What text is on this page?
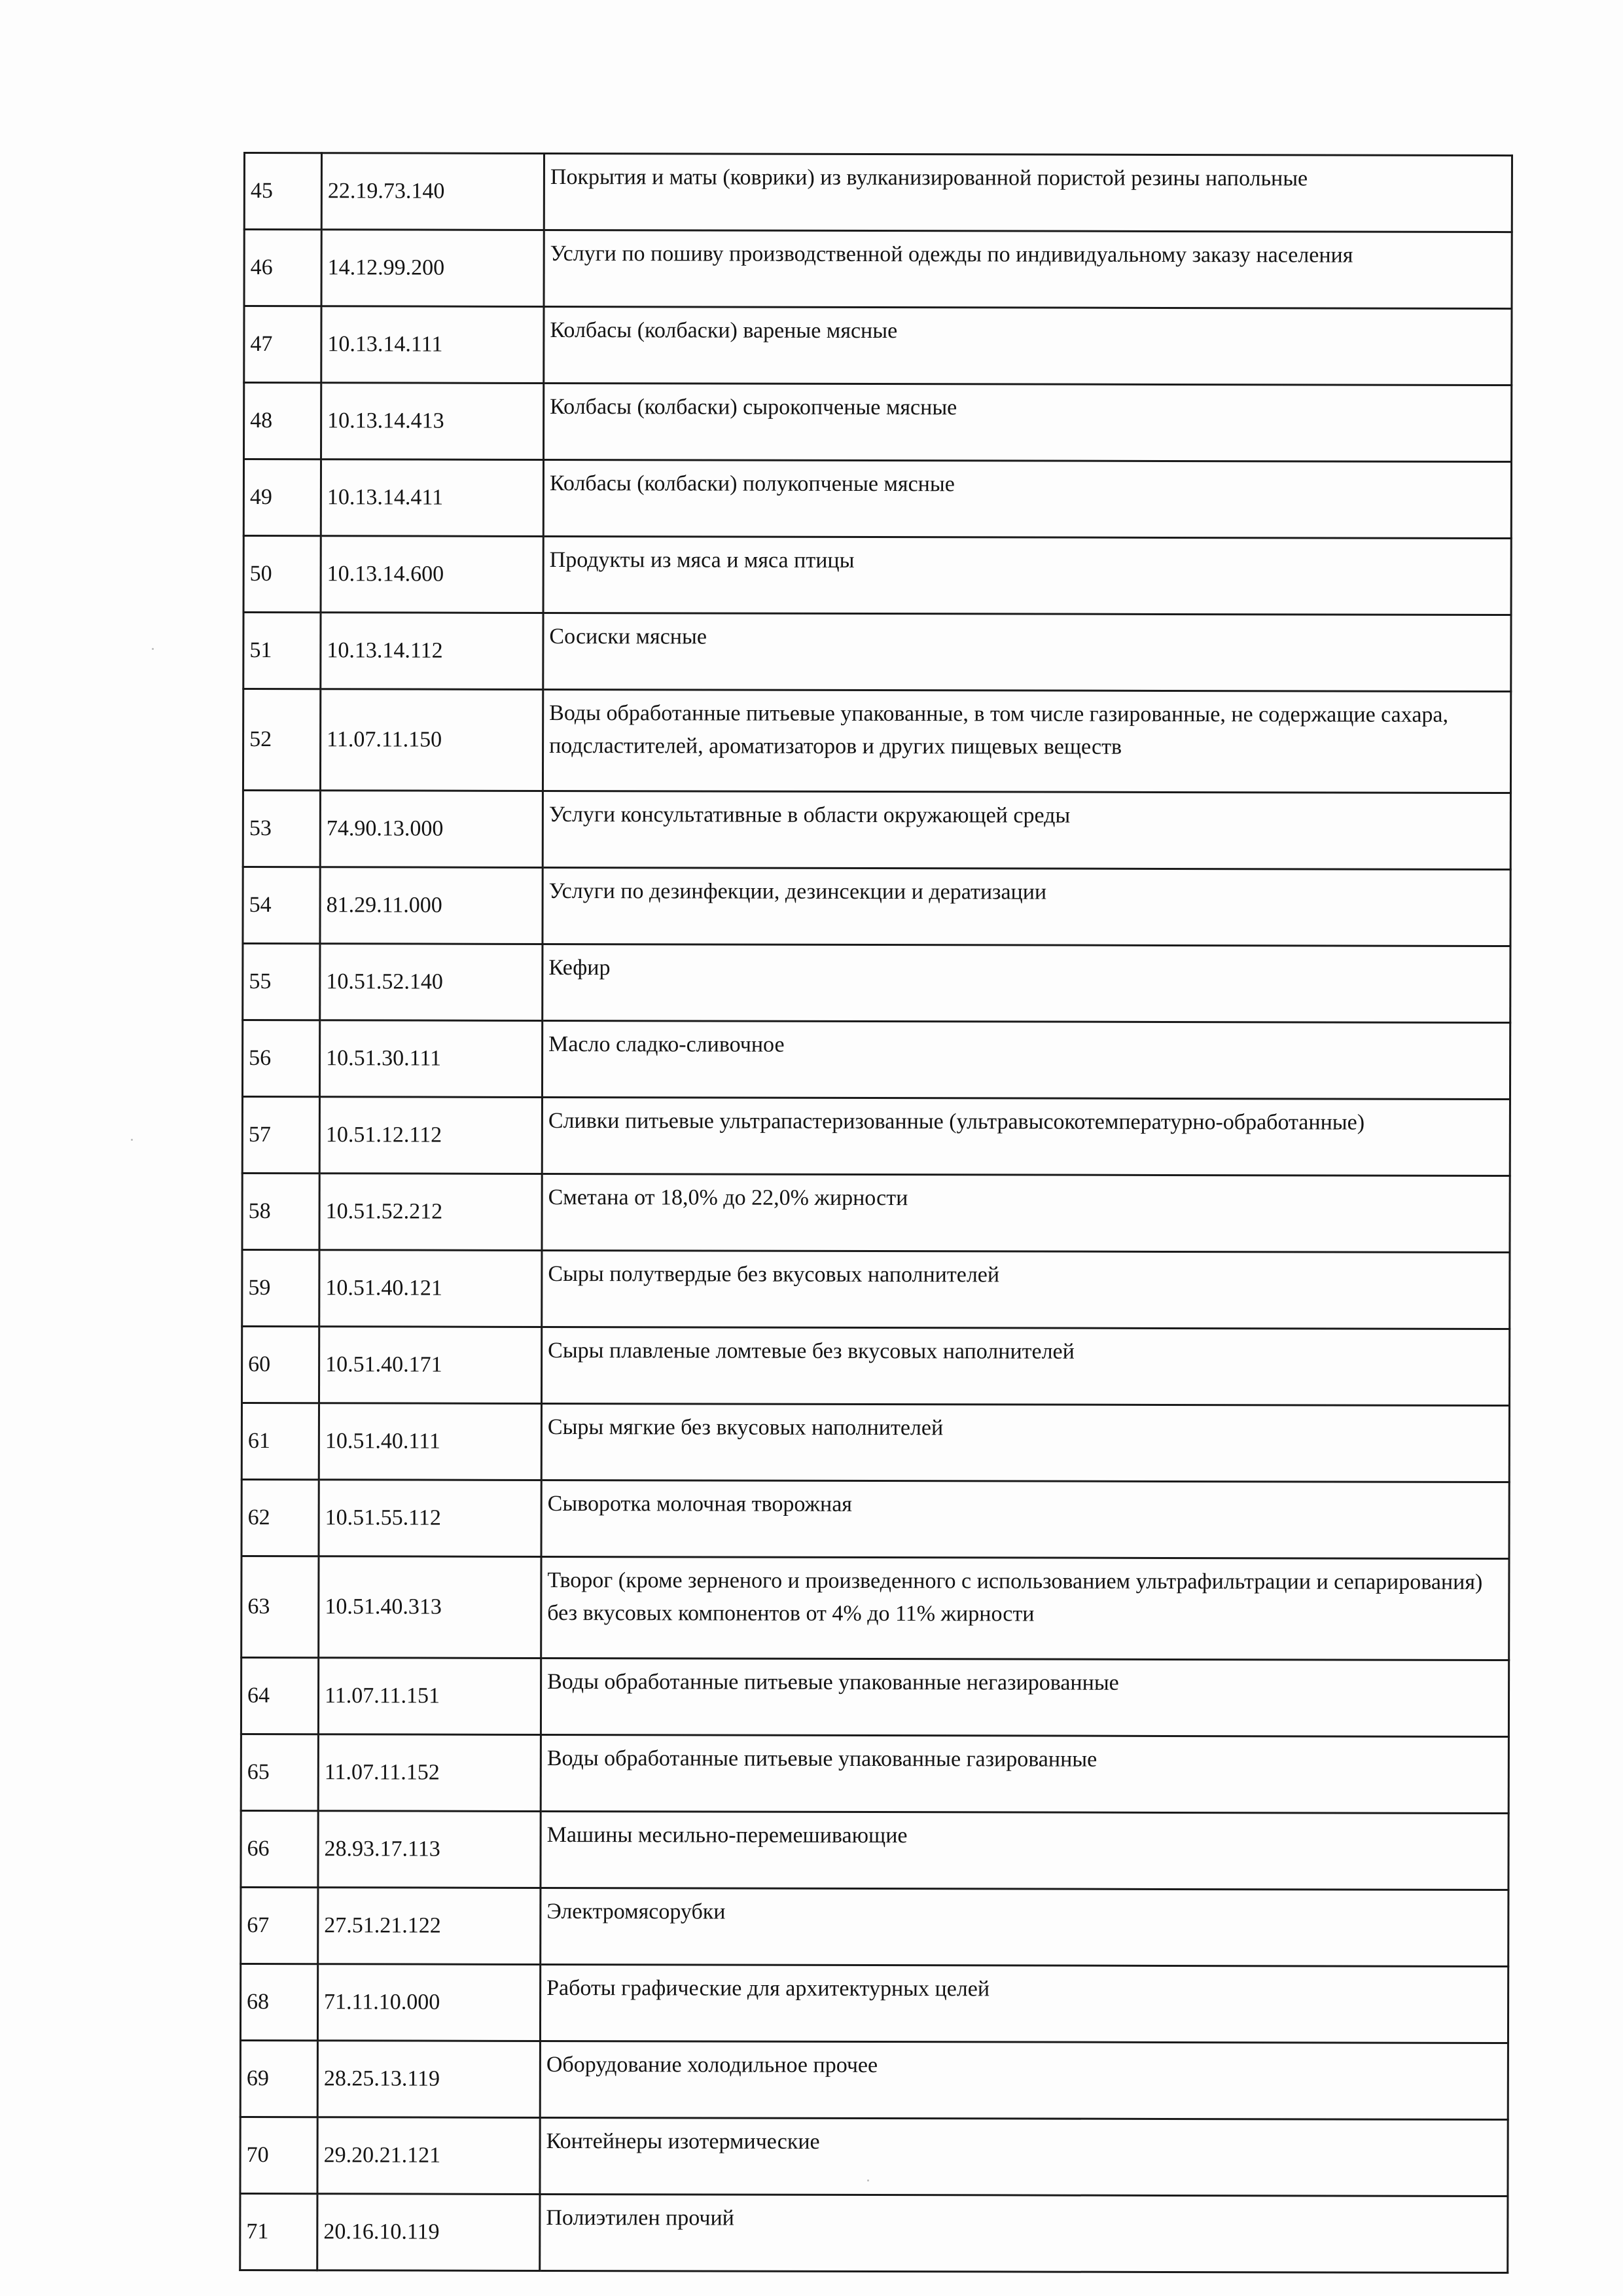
45	22.19.73.140	Покрытия и маты (коврики) из вулканизированной пористой резины напольные
46	14.12.99.200	Услуги по пошиву производственной одежды по индивидуальному заказу населения
47	10.13.14.111	Колбасы (колбаски) вареные мясные
48	10.13.14.413	Колбасы (колбаски) сырокопченые мясные
49	10.13.14.411	Колбасы (колбаски) полукопченые мясные
50	10.13.14.600	Продукты из мяса и мяса птицы
51	10.13.14.112	Сосиски мясные
52	11.07.11.150	Воды обработанные питьевые упакованные, в том числе газированные, не содержащие сахара, подсластителей, ароматизаторов и других пищевых веществ
53	74.90.13.000	Услуги консультативные в области окружающей среды
54	81.29.11.000	Услуги по дезинфекции, дезинсекции и дератизации
55	10.51.52.140	Кефир
56	10.51.30.111	Масло сладко-сливочное
57	10.51.12.112	Сливки питьевые ультрапастеризованные (ультравысокотемпературно-обработанные)
58	10.51.52.212	Сметана от 18,0% до 22,0% жирности
59	10.51.40.121	Сыры полутвердые без вкусовых наполнителей
60	10.51.40.171	Сыры плавленые ломтевые без вкусовых наполнителей
61	10.51.40.111	Сыры мягкие без вкусовых наполнителей
62	10.51.55.112	Сыворотка молочная творожная
63	10.51.40.313	Творог (кроме зерненого и произведенного с использованием ультрафильтрации и сепарирования) без вкусовых компонентов от 4% до 11% жирности
64	11.07.11.151	Воды обработанные питьевые упакованные негазированные
65	11.07.11.152	Воды обработанные питьевые упакованные газированные
66	28.93.17.113	Машины месильно-перемешивающие
67	27.51.21.122	Электромясорубки
68	71.11.10.000	Работы графические для архитектурных целей
69	28.25.13.119	Оборудование холодильное прочее
70	29.20.21.121	Контейнеры изотермические
71	20.16.10.119	Полиэтилен прочий
